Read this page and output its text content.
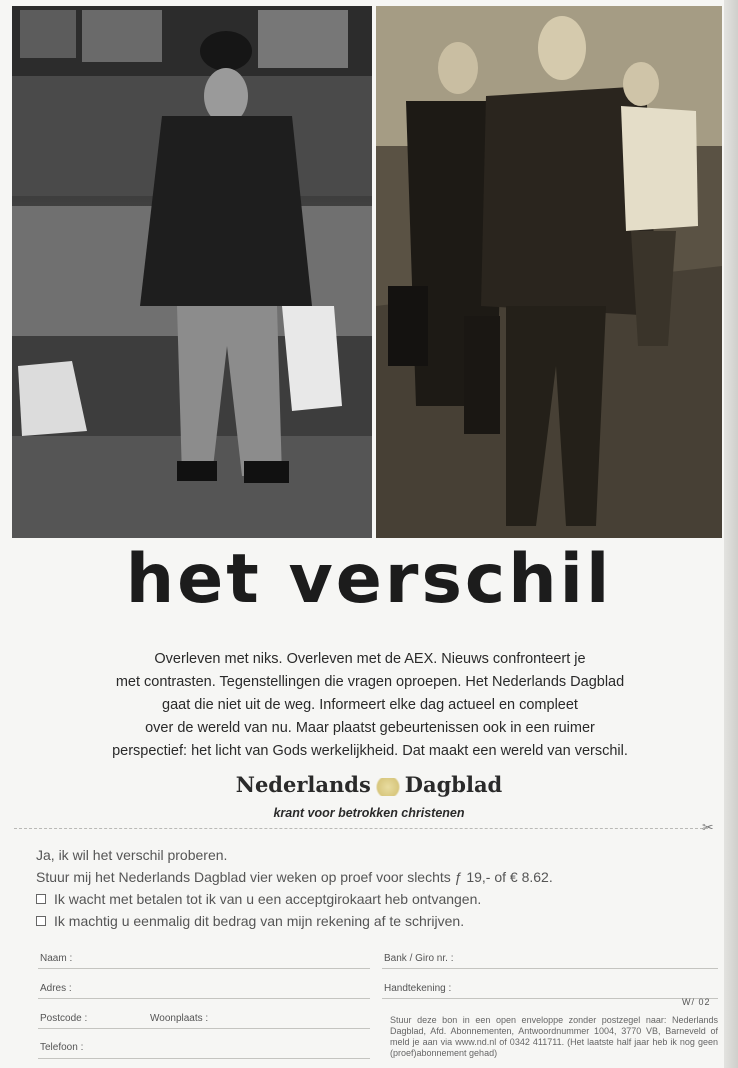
het verschil
Overleven met niks. Overleven met de AEX. Nieuws confronteert je
met contrasten. Tegenstellingen die vragen oproepen. Het Nederlands Dagblad
gaat die niet uit de weg. Informeert elke dag actueel en compleet
over de wereld van nu. Maar plaatst gebeurtenissen ook in een ruimer
perspectief: het licht van Gods werkelijkheid. Dat maakt een wereld van verschil.
Nederlands Dagblad
krant voor betrokken christenen
✂
Ja, ik wil het verschil proberen.
Stuur mij het Nederlands Dagblad vier weken op proef voor slechts ƒ 19,- of € 8.62.
Ik wacht met betalen tot ik van u een acceptgirokaart heb ontvangen.
Ik machtig u eenmalig dit bedrag van mijn rekening af te schrijven.
Naam :
Adres :
Postcode :	Woonplaats :
Telefoon :
Bank / Giro nr. :
Handtekening :
W/ 02
Stuur deze bon in een open enveloppe zonder postzegel naar: Nederlands Dagblad, Afd. Abonnementen, Antwoordnummer 1004, 3770 VB, Barneveld of meld je aan via www.nd.nl of 0342 411711. (Het laatste half jaar heb ik nog geen (proef)abonnement gehad)
